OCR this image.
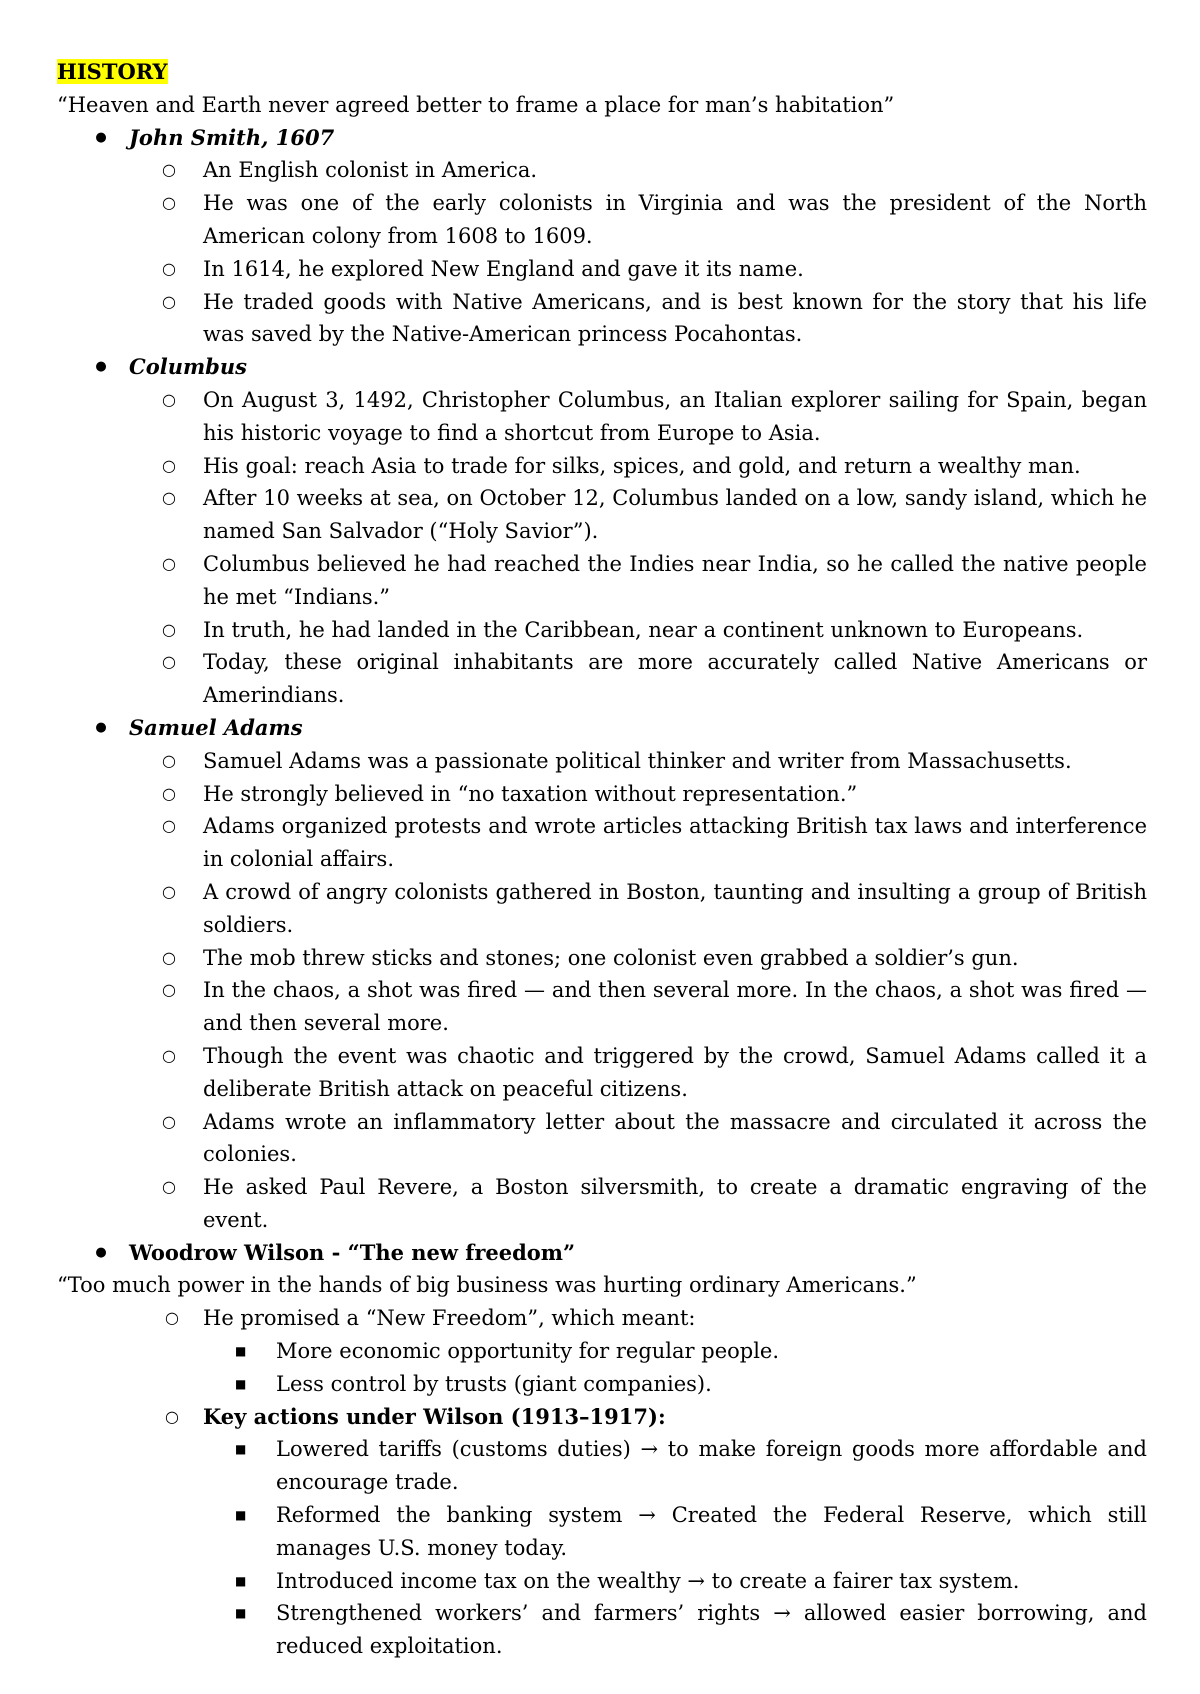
HISTORY

“Heaven and Earth never agreed better to frame a place for man’s habitation”

● John Smith, 1607
○ An English colonist in America.
○ He was one of the early colonists in Virginia and was the president of the North American colony from 1608 to 1609.
○ In 1614, he explored New England and gave it its name.
○ He traded goods with Native Americans, and is best known for the story that his life was saved by the Native-American princess Pocahontas.
● Columbus
○ On August 3, 1492, Christopher Columbus, an Italian explorer sailing for Spain, began his historic voyage to find a shortcut from Europe to Asia.
○ His goal: reach Asia to trade for silks, spices, and gold, and return a wealthy man.
○ After 10 weeks at sea, on October 12, Columbus landed on a low, sandy island, which he named San Salvador (“Holy Savior”).
○ Columbus believed he had reached the Indies near India, so he called the native people he met “Indians.”
○ In truth, he had landed in the Caribbean, near a continent unknown to Europeans.
○ Today, these original inhabitants are more accurately called Native Americans or Amerindians.
● Samuel Adams
○ Samuel Adams was a passionate political thinker and writer from Massachusetts.
○ He strongly believed in “no taxation without representation.”
○ Adams organized protests and wrote articles attacking British tax laws and interference in colonial affairs.
○ A crowd of angry colonists gathered in Boston, taunting and insulting a group of British soldiers.
○ The mob threw sticks and stones; one colonist even grabbed a soldier’s gun.
○ In the chaos, a shot was fired — and then several more. In the chaos, a shot was fired — and then several more.
○ Though the event was chaotic and triggered by the crowd, Samuel Adams called it a deliberate British attack on peaceful citizens.
○ Adams wrote an inflammatory letter about the massacre and circulated it across the colonies.
○ He asked Paul Revere, a Boston silversmith, to create a dramatic engraving of the event.
● Woodrow Wilson - “The new freedom”

“Too much power in the hands of big business was hurting ordinary Americans.”

○ He promised a “New Freedom”, which meant:
■	More economic opportunity for regular people.
■	Less control by trusts (giant companies).
○ Key actions under Wilson (1913–1917):
■	Lowered tariffs (customs duties) → to make foreign goods more affordable and encourage trade.
■	Reformed the banking system → Created the Federal Reserve, which still manages U.S. money today.
■	Introduced income tax on the wealthy → to create a fairer tax system.
■	Strengthened workers’ and farmers’ rights → allowed easier borrowing, and reduced exploitation.
